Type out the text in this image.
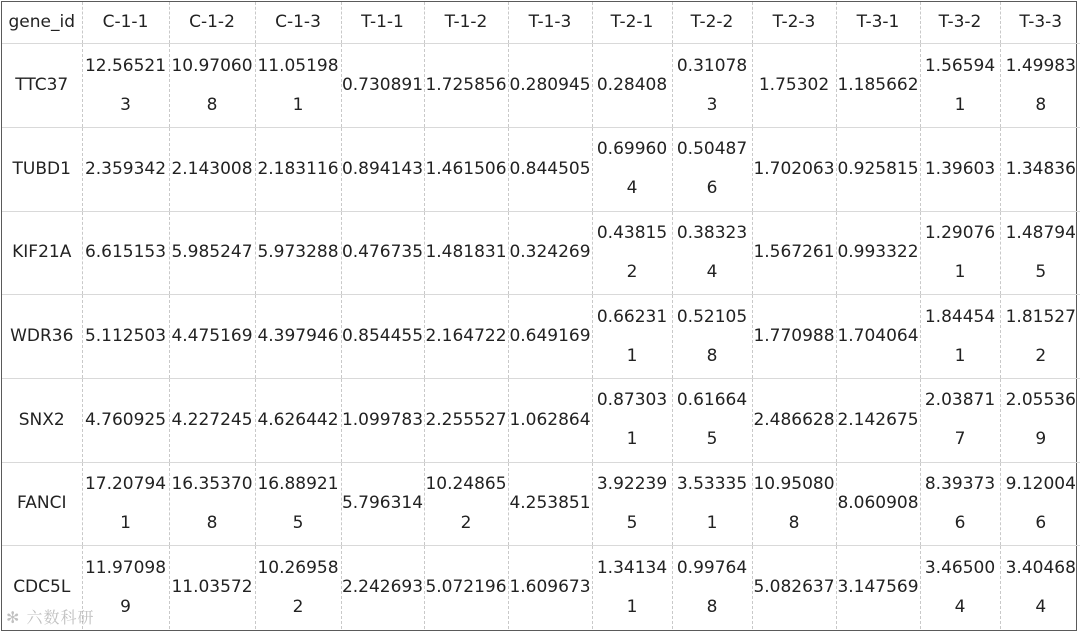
gene_id	C-1-1	C-1-2	C-1-3	T-1-1	T-1-2	T-1-3	T-2-1	T-2-2	T-2-3	T-3-1	T-3-2	T-3-3
TTC37	12.565213	10.970608	11.051981	0.730891	1.725856	0.280945	0.28408	0.310783	1.75302	1.185662	1.565941	1.499838
TUBD1	2.359342	2.143008	2.183116	0.894143	1.461506	0.844505	0.699604	0.504876	1.702063	0.925815	1.39603	1.34836
KIF21A	6.615153	5.985247	5.973288	0.476735	1.481831	0.324269	0.438152	0.383234	1.567261	0.993322	1.290761	1.487945
WDR36	5.112503	4.475169	4.397946	0.854455	2.164722	0.649169	0.662311	0.521058	1.770988	1.704064	1.844541	1.815272
SNX2	4.760925	4.227245	4.626442	1.099783	2.255527	1.062864	0.873031	0.616645	2.486628	2.142675	2.038717	2.055369
FANCI	17.207941	16.353708	16.889215	5.796314	10.248652	4.253851	3.922395	3.533351	10.950808	8.060908	8.393736	9.120046
CDC5L	11.970989	11.03572	10.269582	2.242693	5.072196	1.609673	1.341341	0.997648	5.082637	3.147569	3.465004	3.404684
✻ 六数科研
